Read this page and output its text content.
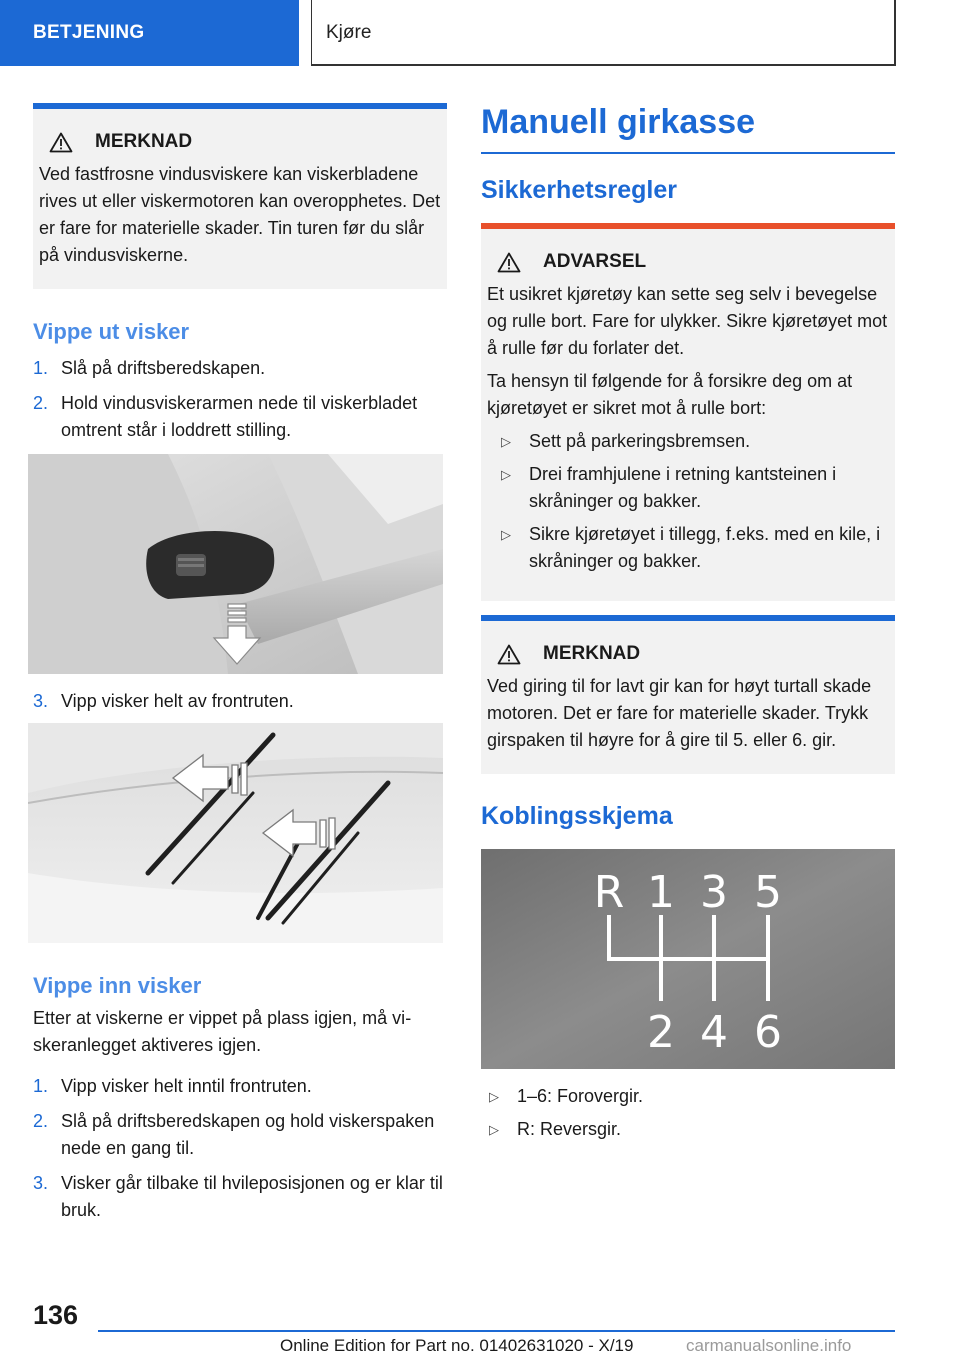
BETJENING	Kjøre
MERKNAD

Ved fastfrosne vindusviskere kan viskerbladene rives ut eller viskermotoren kan overopphetes. Det er fare for materielle skader. Tin turen før du slår på vindusviskerne.

Vippe ut visker
1. Slå på driftsberedskapen.
2. Hold vindusviskerarmen nede til viskerbladet omtrent står i loddrett stilling.
3. Vipp visker helt av frontruten.
Vippe inn visker

Etter at viskerne er vippet på plass igjen, må viskeranlegget aktiveres igjen.

1. Vipp visker helt inntil frontruten.
2. Slå på driftsberedskapen og hold viskerspaken nede en gang til.
3. Visker går tilbake til hvileposisjonen og er klar til bruk.
Manuell girkasse
Sikkerhetsregler
ADVARSEL

Et usikret kjøretøy kan sette seg selv i bevegelse og rulle bort. Fare for ulykker. Sikre kjøretøyet mot å rulle før du forlater det.

Ta hensyn til følgende for å forsikre deg om at kjøretøyet er sikret mot å rulle bort:

▷	Sett på parkeringsbremsen.
▷	Drei framhjulene i retning kantsteinen i skråninger og bakker.
▷	Sikre kjøretøyet i tillegg, f.eks. med en kile, i skråninger og bakker.
MERKNAD

Ved giring til for lavt gir kan for høyt turtall skade motoren. Det er fare for materielle skader. Trykk girspaken til høyre for å gire til 5. eller 6. gir.

Koblingsskjema
R 1 3 5
2 4 6
▷	1–6: Forovergir.
▷	R: Reversgir.
136
Online Edition for Part no. 01402631020 - X/19	carmanualsonline.info
